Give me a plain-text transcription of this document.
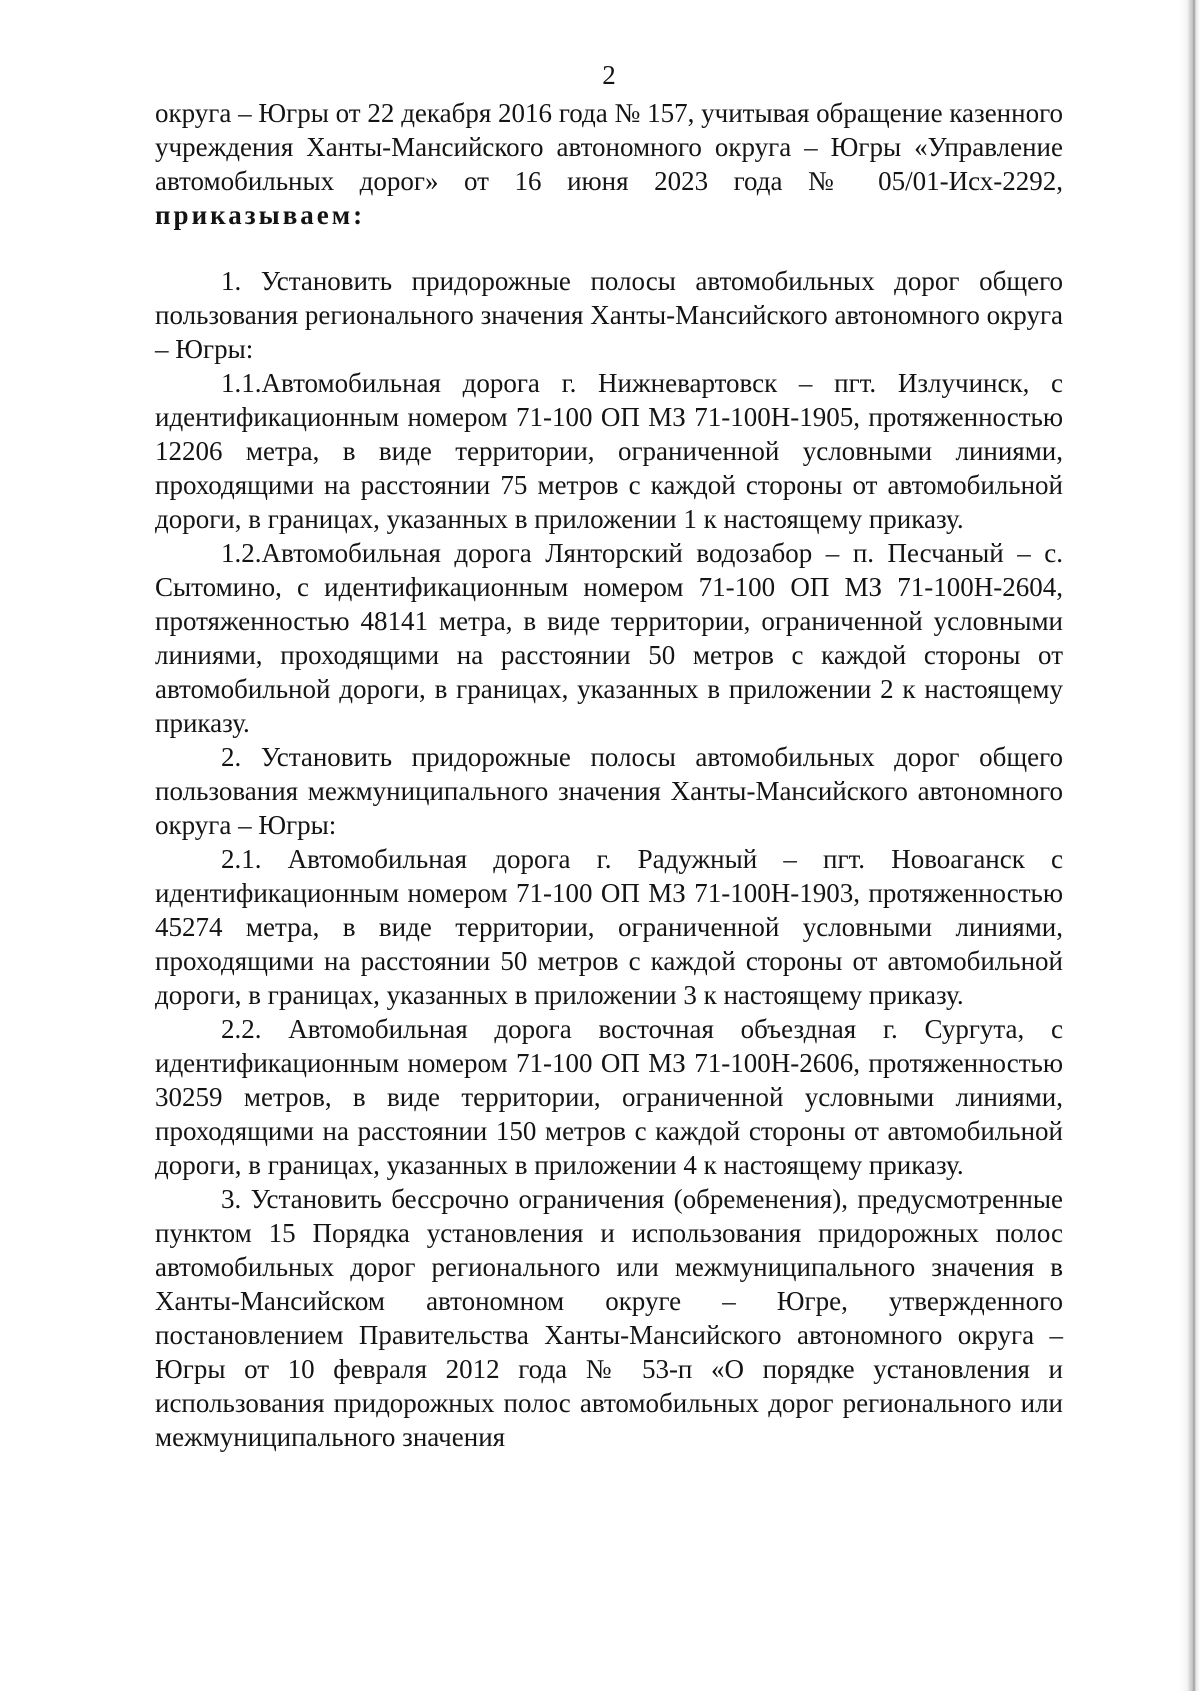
2

округа – Югры от 22 декабря 2016 года № 157, учитывая обращение казенного учреждения Ханты-Мансийского автономного округа – Югры «Управление автомобильных дорог» от 16 июня 2023 года № 05/01-Исх-2292, приказываем:

1. Установить придорожные полосы автомобильных дорог общего пользования регионального значения Ханты-Мансийского автономного округа – Югры:

1.1.Автомобильная дорога г. Нижневартовск – пгт. Излучинск, с идентификационным номером 71-100 ОП МЗ 71-100Н-1905, протяженностью 12206 метра, в виде территории, ограниченной условными линиями, проходящими на расстоянии 75 метров с каждой стороны от автомобильной дороги, в границах, указанных в приложении 1 к настоящему приказу.

1.2.Автомобильная дорога Лянторский водозабор – п. Песчаный – с. Сытомино, с идентификационным номером 71-100 ОП МЗ 71-100Н-2604, протяженностью 48141 метра, в виде территории, ограниченной условными линиями, проходящими на расстоянии 50 метров с каждой стороны от автомобильной дороги, в границах, указанных в приложении 2 к настоящему приказу.

2. Установить придорожные полосы автомобильных дорог общего пользования межмуниципального значения Ханты-Мансийского автономного округа – Югры:

2.1. Автомобильная дорога г. Радужный – пгт. Новоаганск с идентификационным номером 71-100 ОП МЗ 71-100Н-1903, протяженностью 45274 метра, в виде территории, ограниченной условными линиями, проходящими на расстоянии 50 метров с каждой стороны от автомобильной дороги, в границах, указанных в приложении 3 к настоящему приказу.

2.2. Автомобильная дорога восточная объездная г. Сургута, с идентификационным номером 71-100 ОП МЗ 71-100Н-2606, протяженностью 30259 метров, в виде территории, ограниченной условными линиями, проходящими на расстоянии 150 метров с каждой стороны от автомобильной дороги, в границах, указанных в приложении 4 к настоящему приказу.

3. Установить бессрочно ограничения (обременения), предусмотренные пунктом 15 Порядка установления и использования придорожных полос автомобильных дорог регионального или межмуниципального значения в Ханты-Мансийском автономном округе – Югре, утвержденного постановлением Правительства Ханты-Мансийского автономного округа – Югры от 10 февраля 2012 года № 53-п «О порядке установления и использования придорожных полос автомобильных дорог регионального или межмуниципального значения
